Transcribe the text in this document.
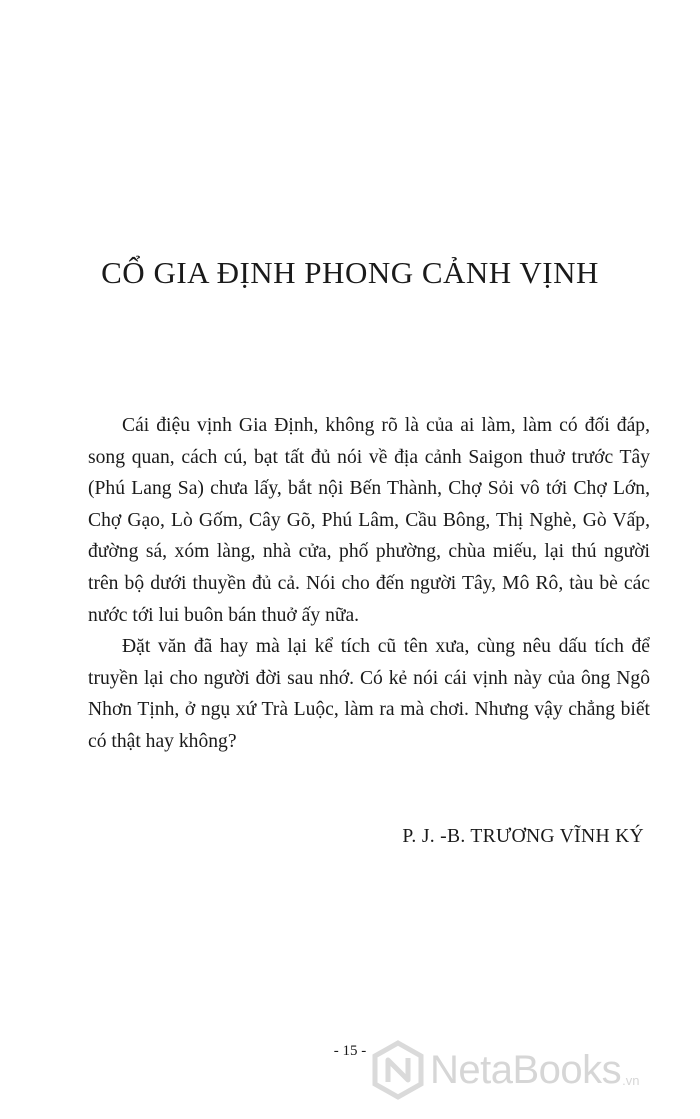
CỔ GIA ĐỊNH PHONG CẢNH VỊNH

Cái điệu vịnh Gia Định, không rõ là của ai làm, làm có đối đáp, song quan, cách cú, bạt tất đủ nói về địa cảnh Saigon thuở trước Tây (Phú Lang Sa) chưa lấy, bắt nội Bến Thành, Chợ Sỏi vô tới Chợ Lớn, Chợ Gạo, Lò Gốm, Cây Gõ, Phú Lâm, Cầu Bông, Thị Nghè, Gò Vấp, đường sá, xóm làng, nhà cửa, phố phường, chùa miếu, lại thú người trên bộ dưới thuyền đủ cả. Nói cho đến người Tây, Mô Rô, tàu bè các nước tới lui buôn bán thuở ấy nữa.

Đặt văn đã hay mà lại kể tích cũ tên xưa, cùng nêu dấu tích để truyền lại cho người đời sau nhớ. Có kẻ nói cái vịnh này của ông Ngô Nhơn Tịnh, ở ngụ xứ Trà Luộc, làm ra mà chơi. Nhưng vậy chẳng biết có thật hay không?

P. J. -B. TRƯƠNG VĨNH KÝ
- 15 -	NetaBooks .vn
